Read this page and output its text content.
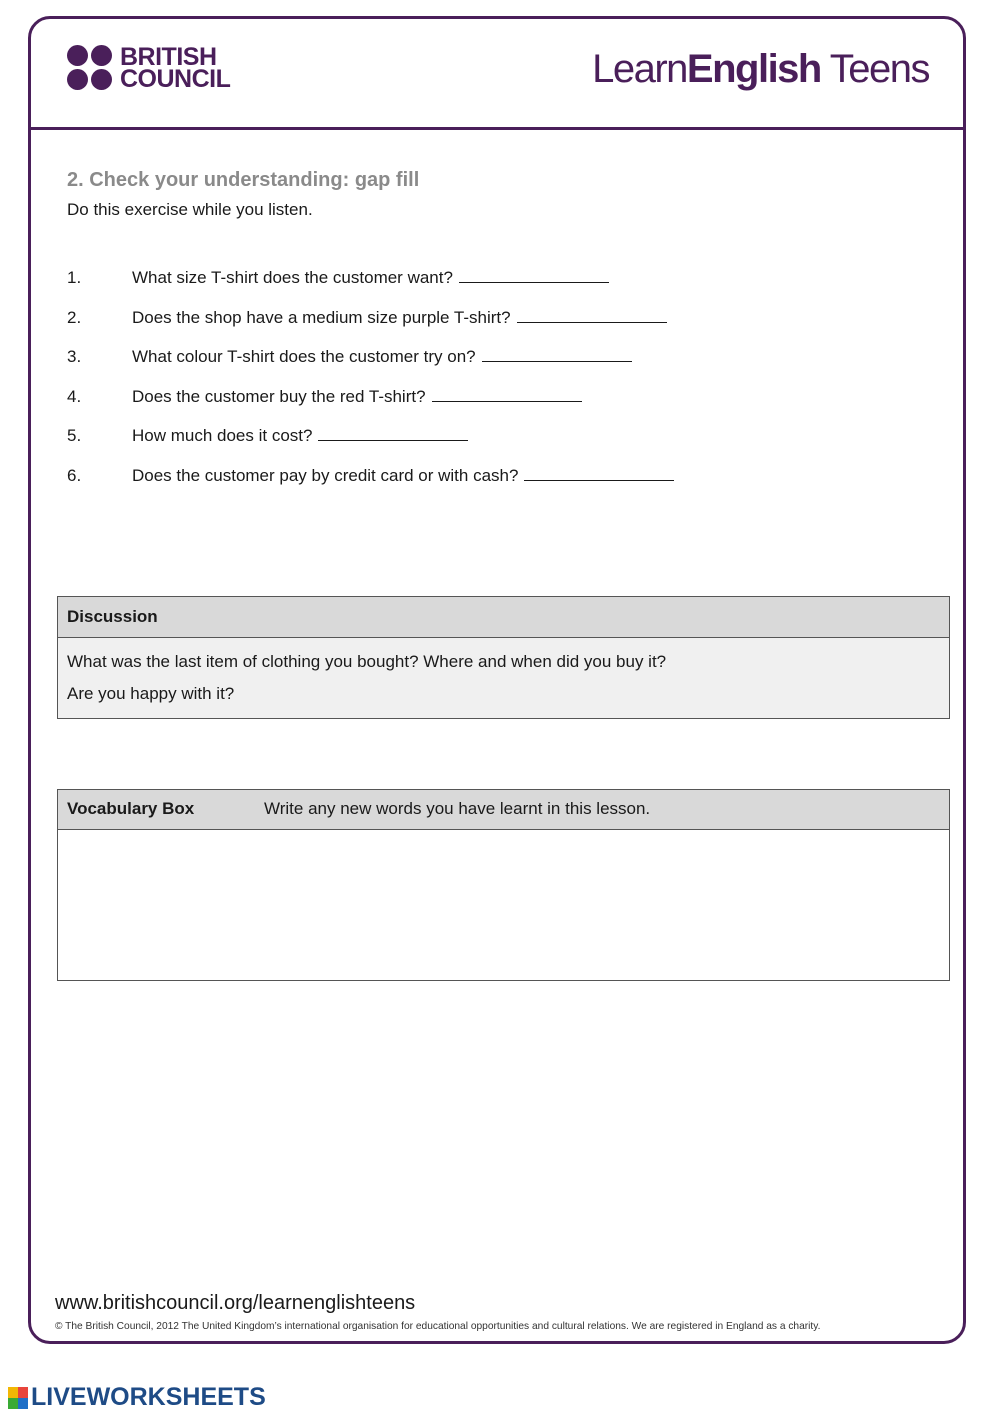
BRITISH
COUNCIL	LearnEnglish Teens
2. Check your understanding: gap fill
Do this exercise while you listen.
1.	What size T-shirt does the customer want?
2.	Does the shop have a medium size purple T-shirt?
3.	What colour T-shirt does the customer try on?
4.	Does the customer buy the red T-shirt?
5.	How much does it cost?
6.	Does the customer pay by credit card or with cash?
Discussion
What was the last item of clothing you bought? Where and when did you buy it?
Are you happy with it?
Vocabulary Box	Write any new words you have learnt in this lesson.
www.britishcouncil.org/learnenglishteens
© The British Council, 2012 The United Kingdom’s international organisation for educational opportunities and cultural relations. We are registered in England as a charity.
LIVEWORKSHEETS
